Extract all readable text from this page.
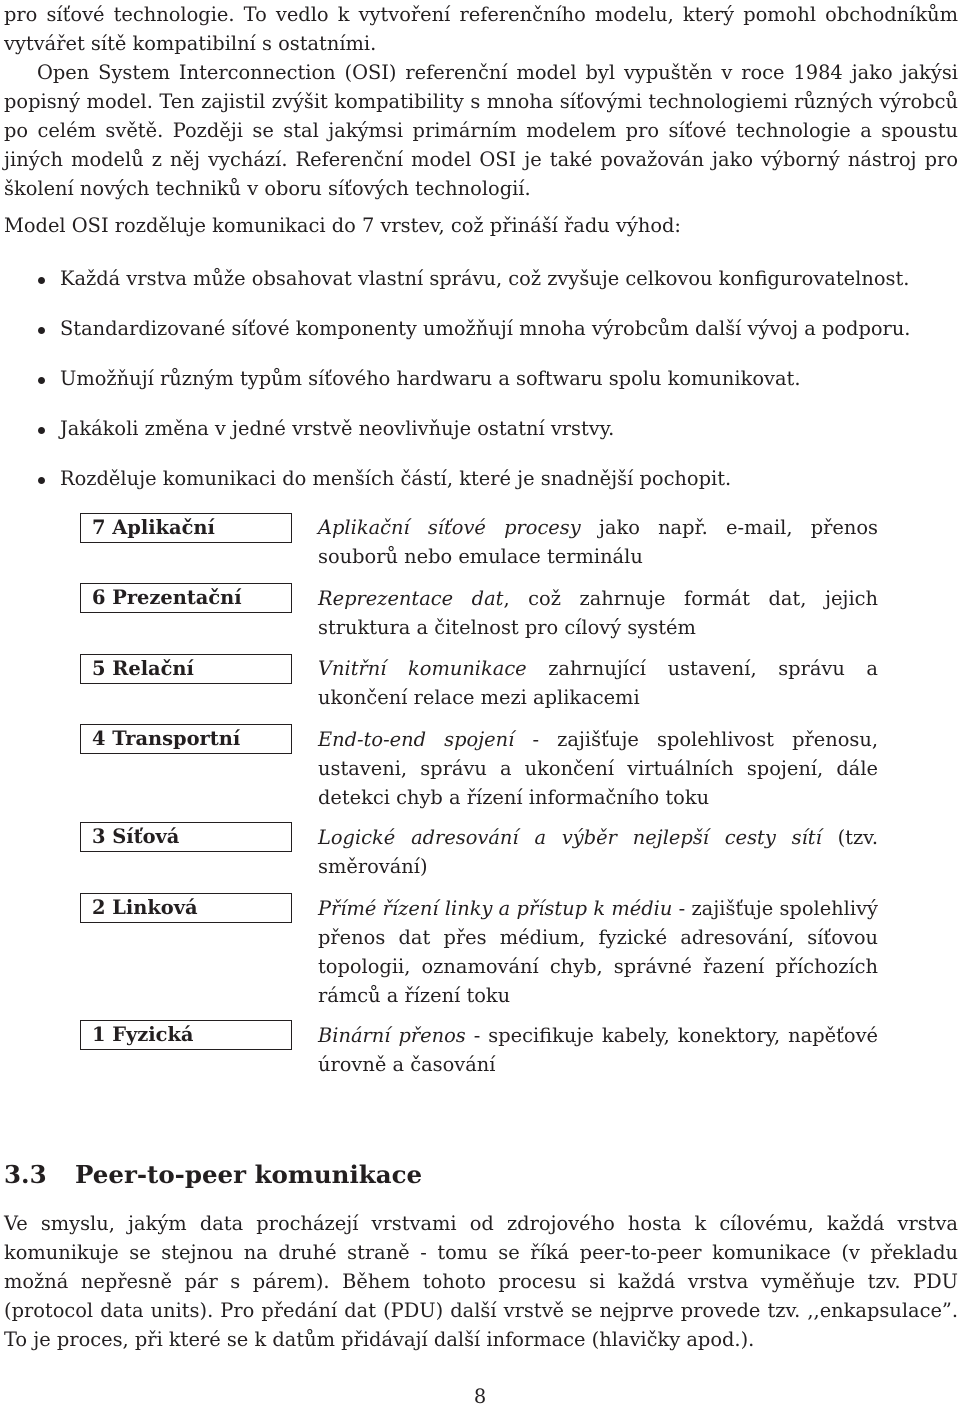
pro síťové technologie. To vedlo k vytvoření referenčního modelu, který pomohl obchodníkům vytvářet sítě kompatibilní s ostatními.

Open System Interconnection (OSI) referenční model byl vypuštěn v roce 1984 jako jakýsi popisný model. Ten zajistil zvýšit kompatibility s mnoha síťovými technologiemi různých výrobců po celém světě. Později se stal jakýmsi primárním modelem pro síťové technologie a spoustu jiných modelů z něj vychází. Referenční model OSI je také považován jako výborný nástroj pro školení nových techniků v oboru síťových technologií.

Model OSI rozděluje komunikaci do 7 vrstev, což přináší řadu výhod:

Každá vrstva může obsahovat vlastní správu, což zvyšuje celkovou konfigurovatelnost.
Standardizované síťové komponenty umožňují mnoha výrobcům další vývoj a podporu.
Umožňují různým typům síťového hardwaru a softwaru spolu komunikovat.
Jakákoli změna v jedné vrstvě neovlivňuje ostatní vrstvy.
Rozděluje komunikaci do menších částí, které je snadnější pochopit.
7 Aplikační	Aplikační síťové procesy jako např. e-mail, přenos souborů nebo emulace terminálu

6 Prezentační	Reprezentace dat, což zahrnuje formát dat, jejich struktura a čitelnost pro cílový systém

5 Relační	Vnitřní komunikace zahrnující ustavení, správu a ukončení relace mezi aplikacemi

4 Transportní	End-to-end spojení - zajišťuje spolehlivost přenosu, ustaveni, správu a ukončení virtuálních spojení, dále detekci chyb a řízení informačního toku

3 Síťová	Logické adresování a výběr nejlepší cesty sítí (tzv. směrování)

2 Linková	Přímé řízení linky a přístup k médiu - zajišťuje spolehlivý přenos dat přes médium, fyzické adresování, síťovou topologii, oznamování chyb, správné řazení příchozích rámců a řízení toku

1 Fyzická	Binární přenos - specifikuje kabely, konektory, napěťové úrovně a časování

3.3 Peer-to-peer komunikace

Ve smyslu, jakým data procházejí vrstvami od zdrojového hosta k cílovému, každá vrstva komunikuje se stejnou na druhé straně - tomu se říká peer-to-peer komunikace (v překladu možná nepřesně pár s párem). Během tohoto procesu si každá vrstva vyměňuje tzv. PDU (protocol data units). Pro předání dat (PDU) další vrstvě se nejprve provede tzv. ,,enkapsulace”. To je proces, při které se k datům přidávají další informace (hlavičky apod.).

8
